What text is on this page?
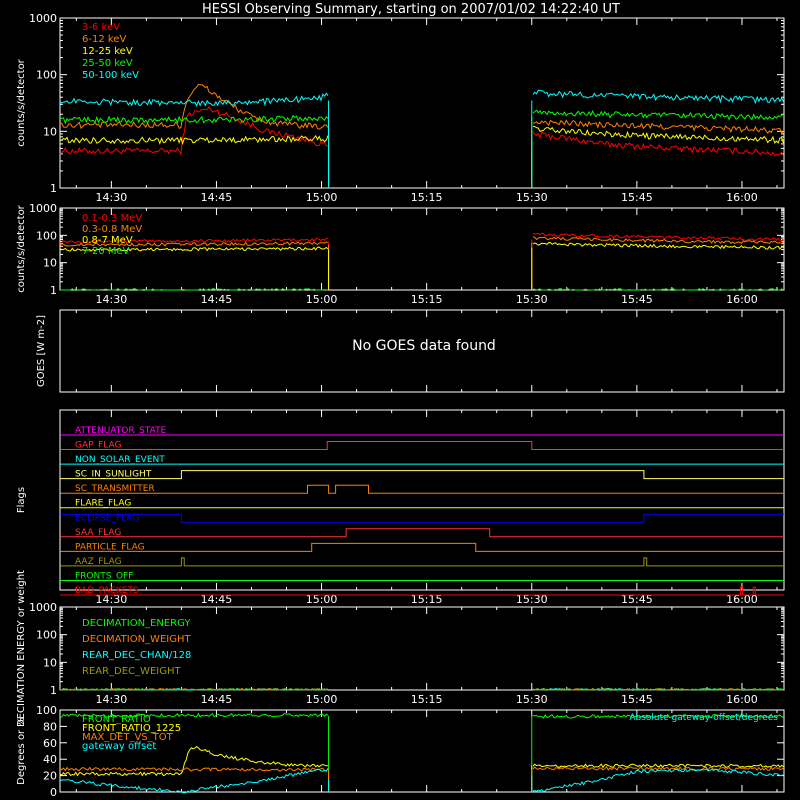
HESSI Observing Summary, starting on 2007/01/02 14:22:40 UT
14:30	14:45	15:00	15:15	15:30	15:45	16:00
1
10
100
1000
counts/s/detector
3-6 keV
6-12 keV
12-25 keV
25-50 keV
50-100 keV
14:30	14:45	15:00	15:15	15:30	15:45	16:00
1
10
100
1000
counts/s/detector	0.1-0.3 MeV
0.3-0.8 MeV
0.8-7 MeV
7-20 MeV
GOES [W m-2]
14:30	14:45	15:00	15:15	15:30	15:45	16:00
Flags
ATTENUATOR_STATE
GAP_FLAG
NON_SOLAR_EVENT
SC_IN_SUNLIGHT
SC_TRANSMITTER
FLARE_FLAG
ECLIPSE_FLAG
SAA_FLAG
PARTICLE_FLAG
AAZ_FLAG
FRONTS_OFF
BAD_PACKETS
14:30	14:45	15:00	15:15	15:30	15:45	16:00
1
10
100
1000
DECIMATION ENERGY or weight	DECIMATION_ENERGY
DECIMATION_WEIGHT
REAR_DEC_CHAN/128
REAR_DEC_WEIGHT
0
20
40
60
80
100
Degrees or %	FRONT_RATIO
FRONT_RATIO_1225
MAX_DET_VS_TOT
gateway offset
Absolute gateway-offset/degrees
No GOES data found
